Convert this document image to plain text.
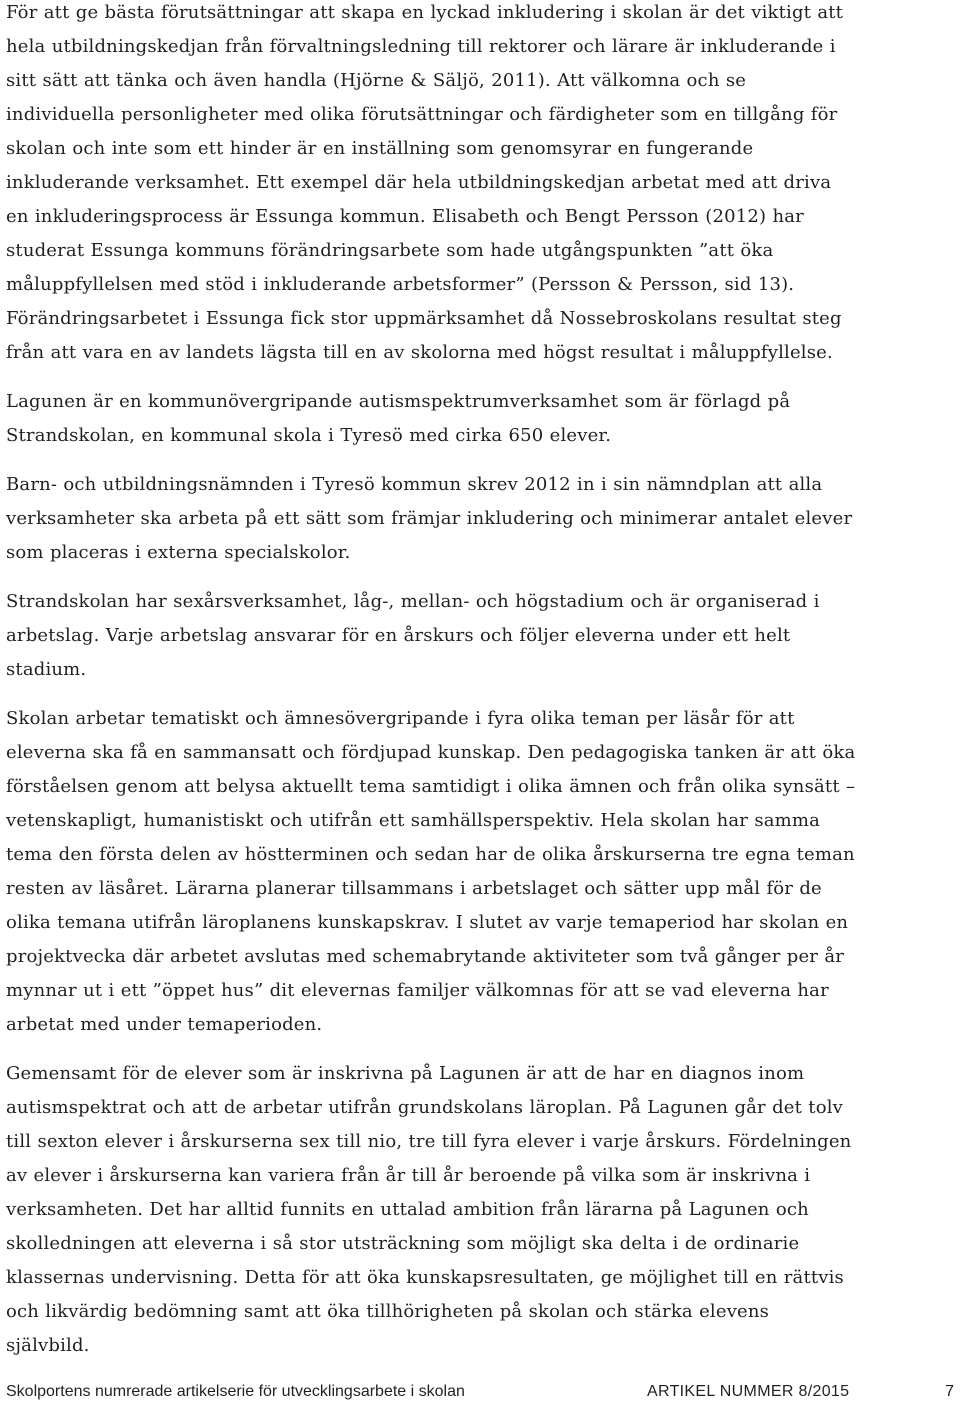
För att ge bästa förutsättningar att skapa en lyckad inkludering i skolan är det viktigt att hela utbildningskedjan från förvaltningsledning till rektorer och lärare är inkluderande i sitt sätt att tänka och även handla (Hjörne & Säljö, 2011). Att välkomna och se individuella personligheter med olika förutsättningar och färdigheter som en tillgång för skolan och inte som ett hinder är en inställning som genomsyrar en fungerande inkluderande verksamhet. Ett exempel där hela utbildningskedjan arbetat med att driva en inkluderingsprocess är Essunga kommun. Elisabeth och Bengt Persson (2012) har studerat Essunga kommuns förändringsarbete som hade utgångspunkten ”att öka måluppfyllelsen med stöd i inkluderande arbetsformer” (Persson & Persson, sid 13). Förändringsarbetet i Essunga fick stor uppmärksamhet då Nossebroskolans resultat steg från att vara en av landets lägsta till en av skolorna med högst resultat i måluppfyllelse.

Lagunen är en kommunövergripande autismspektrumverksamhet som är förlagd på Strandskolan, en kommunal skola i Tyresö med cirka 650 elever.

Barn- och utbildningsnämnden i Tyresö kommun skrev 2012 in i sin nämndplan att alla verksamheter ska arbeta på ett sätt som främjar inkludering och minimerar antalet elever som placeras i externa specialskolor.

Strandskolan har sexårsverksamhet, låg-, mellan- och högstadium och är organiserad i arbetslag. Varje arbetslag ansvarar för en årskurs och följer eleverna under ett helt stadium.

Skolan arbetar tematiskt och ämnesövergripande i fyra olika teman per läsår för att eleverna ska få en sammansatt och fördjupad kunskap. Den pedagogiska tanken är att öka förståelsen genom att belysa aktuellt tema samtidigt i olika ämnen och från olika synsätt – vetenskapligt, humanistiskt och utifrån ett samhällsperspektiv. Hela skolan har samma tema den första delen av höstterminen och sedan har de olika årskurserna tre egna teman resten av läsåret. Lärarna planerar tillsammans i arbetslaget och sätter upp mål för de olika temana utifrån läroplanens kunskapskrav. I slutet av varje temaperiod har skolan en projektvecka där arbetet avslutas med schemabrytande aktiviteter som två gånger per år mynnar ut i ett ”öppet hus” dit elevernas familjer välkomnas för att se vad eleverna har arbetat med under temaperioden.

Gemensamt för de elever som är inskrivna på Lagunen är att de har en diagnos inom autismspektrat och att de arbetar utifrån grundskolans läroplan. På Lagunen går det tolv till sexton elever i årskurserna sex till nio, tre till fyra elever i varje årskurs. Fördelningen av elever i årskurserna kan variera från år till år beroende på vilka som är inskrivna i verksamheten. Det har alltid funnits en uttalad ambition från lärarna på Lagunen och skolledningen att eleverna i så stor utsträckning som möjligt ska delta i de ordinarie klassernas undervisning. Detta för att öka kunskapsresultaten, ge möjlighet till en rättvis och likvärdig bedömning samt att öka tillhörigheten på skolan och stärka elevens självbild.

Skolportens numrerade artikelserie för utvecklingsarbete i skolan	ARTIKEL NUMMER 8/2015	7
